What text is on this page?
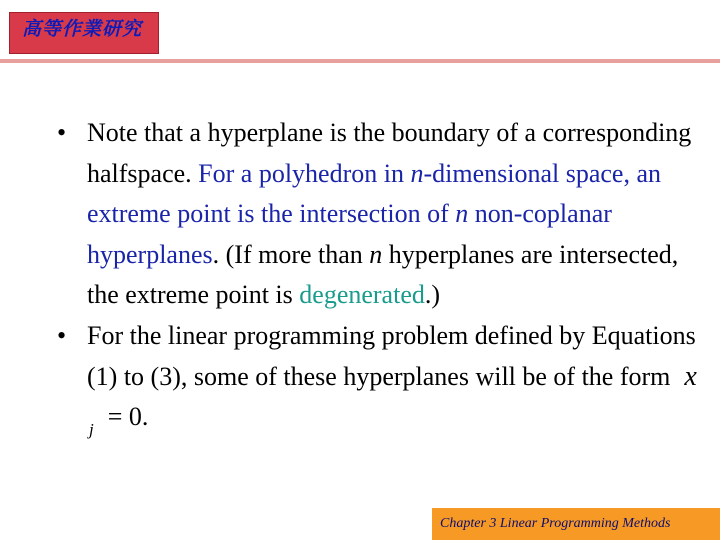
高等作業研究

• Note that a hyperplane is the boundary of a corresponding halfspace. For a polyhedron in n-dimensional space, an extreme point is the intersection of n non-coplanar hyperplanes. (If more than n hyperplanes are intersected, the extreme point is degenerated.)

• For the linear programming problem defined by Equations (1) to (3), some of these hyperplanes will be of the form $x_j = 0$.

Chapter 3 Linear Programming Methods
